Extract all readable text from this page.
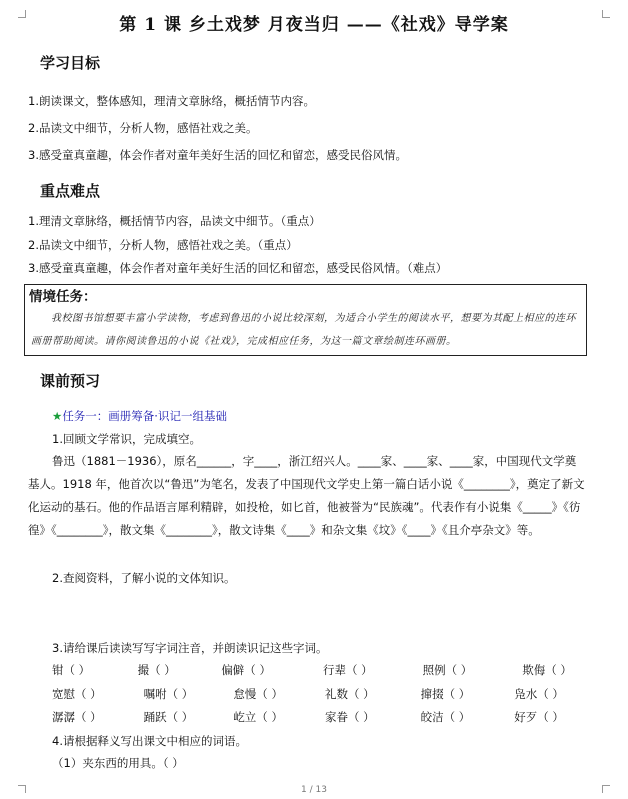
第 1 课 乡土戏梦 月夜当归 ——《社戏》导学案
学习目标
1.朗读课文，整体感知，理清文章脉络，概括情节内容。
2.品读文中细节，分析人物，感悟社戏之美。
3.感受童真童趣，体会作者对童年美好生活的回忆和留恋，感受民俗风情。
重点难点
1.理清文章脉络，概括情节内容，品读文中细节。（重点）
2.品读文中细节，分析人物，感悟社戏之美。（重点）
3.感受童真童趣，体会作者对童年美好生活的回忆和留恋，感受民俗风情。（难点）
情境任务：
我校图书馆想要丰富小学读物，考虑到鲁迅的小说比较深刻，为适合小学生的阅读水平，想要为其配上相应的连环画册帮助阅读。请你阅读鲁迅的小说《社戏》，完成相应任务，为这一篇文章绘制连环画册。
课前预习
★任务一：画册筹备·识记一组基础
1.回顾文学常识，完成填空。
鲁迅（1881－1936），原名______，字____，浙江绍兴人。____家、____家、____家，中国现代文学奠基人。1918 年，他首次以“鲁迅”为笔名，发表了中国现代文学史上第一篇白话小说《________》，奠定了新文化运动的基石。他的作品语言犀利精辟，如投枪，如匕首，他被誉为“民族魂”。代表作有小说集《_____》《彷徨》《________》，散文集《________》，散文诗集《____》和杂文集《坟》《____》《且介亭杂文》等。
2.查阅资料，了解小说的文体知识。
3.请给课后读读写写字词注音，并朗读识记这些字词。
钳（ ）	撮（ ）	偏僻（ ）	行辈（ ）	照例（ ）	欺侮（ ）
宽慰（ ）	嘱咐（ ）	怠慢（ ）	礼数（ ）	撺掇（ ）	凫水（ ）
潺潺（ ）	踊跃（ ）	屹立（ ）	家眷（ ）	皎洁（ ）	好歹（ ）
4.请根据释义写出课文中相应的词语。
（1）夹东西的用具。（ ）
1 / 13
